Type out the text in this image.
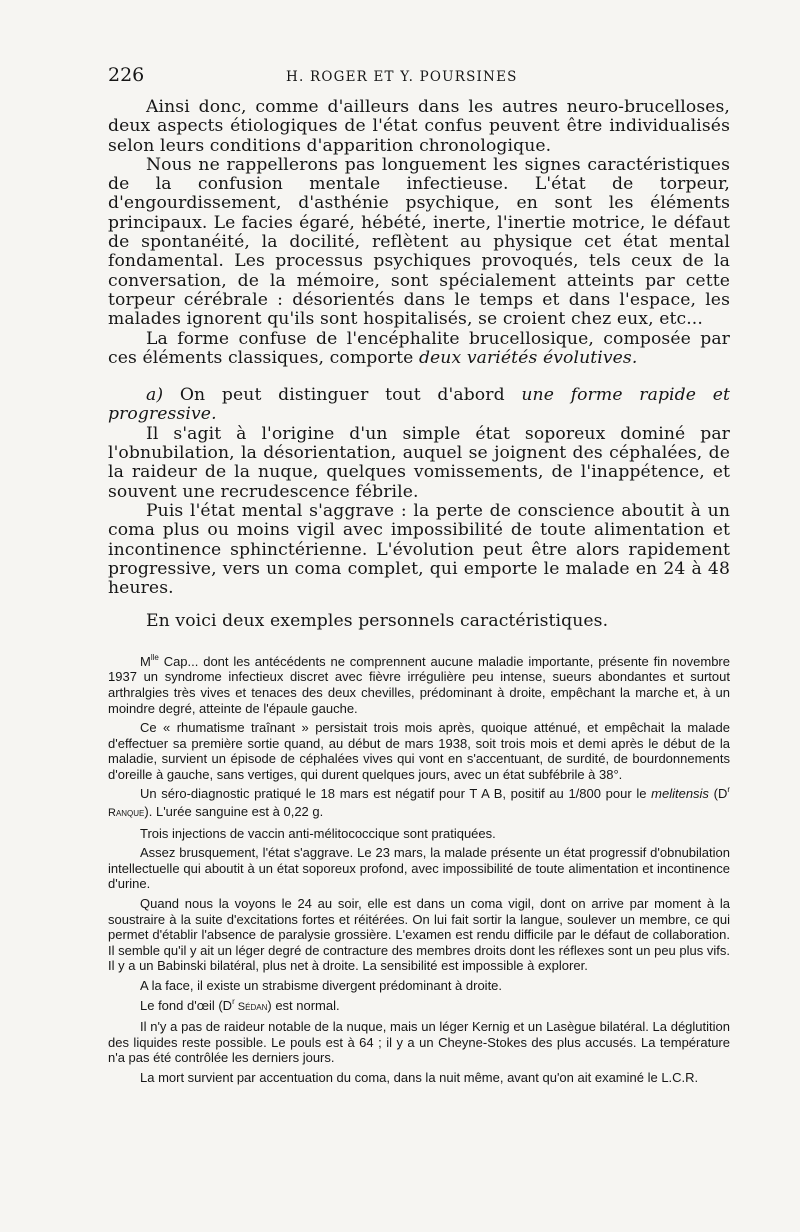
226	H. ROGER ET Y. POURSINES

Ainsi donc, comme d'ailleurs dans les autres neuro-brucelloses, deux aspects étiologiques de l'état confus peuvent être individualisés selon leurs conditions d'apparition chronologique.

Nous ne rappellerons pas longuement les signes caractéristiques de la confusion mentale infectieuse. L'état de torpeur, d'engourdissement, d'asthénie psychique, en sont les éléments principaux. Le facies égaré, hébété, inerte, l'inertie motrice, le défaut de spontanéité, la docilité, reflètent au physique cet état mental fondamental. Les processus psychiques provoqués, tels ceux de la conversation, de la mémoire, sont spécialement atteints par cette torpeur cérébrale : désorientés dans le temps et dans l'espace, les malades ignorent qu'ils sont hospitalisés, se croient chez eux, etc...

La forme confuse de l'encéphalite brucellosique, composée par ces éléments classiques, comporte deux variétés évolutives.

a) On peut distinguer tout d'abord une forme rapide et progressive.

Il s'agit à l'origine d'un simple état soporeux dominé par l'obnubilation, la désorientation, auquel se joignent des céphalées, de la raideur de la nuque, quelques vomissements, de l'inappétence, et souvent une recrudescence fébrile.

Puis l'état mental s'aggrave : la perte de conscience aboutit à un coma plus ou moins vigil avec impossibilité de toute alimentation et incontinence sphinctérienne. L'évolution peut être alors rapidement progressive, vers un coma complet, qui emporte le malade en 24 à 48 heures.

En voici deux exemples personnels caractéristiques.

$M^{lle}$ Cap... dont les antécédents ne comprennent aucune maladie importante, présente fin novembre 1937 un syndrome infectieux discret avec fièvre irrégulière peu intense, sueurs abondantes et surtout arthralgies très vives et tenaces des deux chevilles, prédominant à droite, empêchant la marche et, à un moindre degré, atteinte de l'épaule gauche.

Ce « rhumatisme traînant » persistait trois mois après, quoique atténué, et empêchait la malade d'effectuer sa première sortie quand, au début de mars 1938, soit trois mois et demi après le début de la maladie, survient un épisode de céphalées vives qui vont en s'accentuant, de surdité, de bourdonnements d'oreille à gauche, sans vertiges, qui durent quelques jours, avec un état subfébrile à 38°.

Un séro-diagnostic pratiqué le 18 mars est négatif pour T A B, positif au 1/800 pour le melitensis ($D^r$ Ranque). L'urée sanguine est à 0,22 g.

Trois injections de vaccin anti-mélitococcique sont pratiquées.

Assez brusquement, l'état s'aggrave. Le 23 mars, la malade présente un état progressif d'obnubilation intellectuelle qui aboutit à un état soporeux profond, avec impossibilité de toute alimentation et incontinence d'urine.

Quand nous la voyons le 24 au soir, elle est dans un coma vigil, dont on arrive par moment à la soustraire à la suite d'excitations fortes et réitérées. On lui fait sortir la langue, soulever un membre, ce qui permet d'établir l'absence de paralysie grossière. L'examen est rendu difficile par le défaut de collaboration. Il semble qu'il y ait un léger degré de contracture des membres droits dont les réflexes sont un peu plus vifs. Il y a un Babinski bilatéral, plus net à droite. La sensibilité est impossible à explorer.

A la face, il existe un strabisme divergent prédominant à droite.

Le fond d'œil ($D^r$ Sédan) est normal.

Il n'y a pas de raideur notable de la nuque, mais un léger Kernig et un Lasègue bilatéral. La déglutition des liquides reste possible. Le pouls est à 64 ; il y a un Cheyne-Stokes des plus accusés. La température n'a pas été contrôlée les derniers jours.

La mort survient par accentuation du coma, dans la nuit même, avant qu'on ait examiné le L.C.R.
